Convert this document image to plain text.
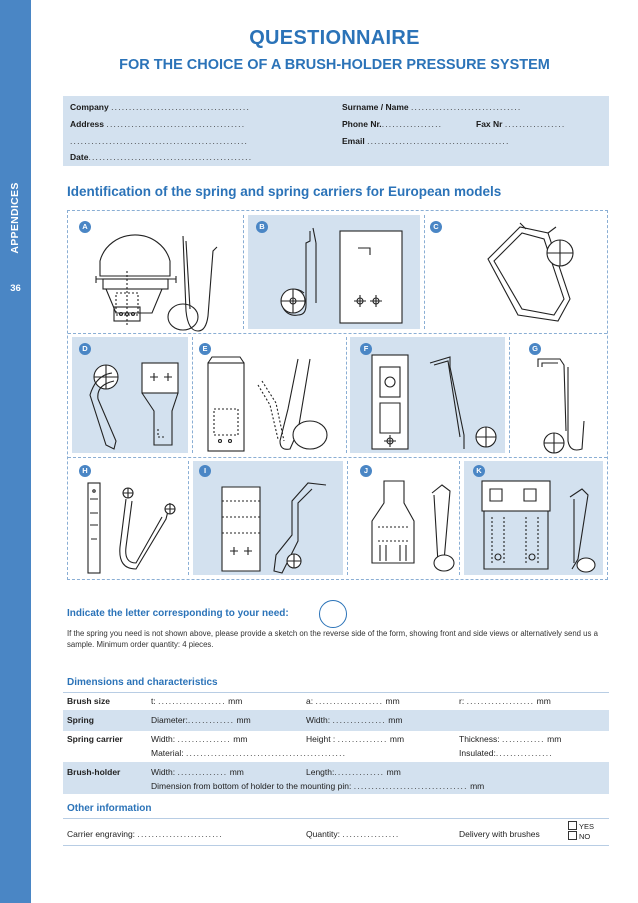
APPENDICES
36
QUESTIONNAIRE
FOR THE CHOICE OF A BRUSH-HOLDER PRESSURE SYSTEM
Company .......................................
Address .......................................
..................................................
Date..............................................
Surname / Name ...............................
Phone Nr..................	Fax Nr .................
Email ........................................
Identification of the spring and spring carriers for European models
A	B	C
D	E	F	G
H	I	J	K
Indicate the letter corresponding to your need:
If the spring you need is not shown above, please provide a sketch on the reverse side of the form, showing front and side views or alternatively send us a sample. Minimum order quantity: 4 pieces.
Dimensions and characteristics
Brush size	t: ................... mm	a: ................... mm	r: ................... mm
Spring	Diameter:............. mm	Width: ............... mm
Spring carrier	Width: ............... mm	Height : .............. mm	Thickness: ............ mm
Material: .............................................	Insulated:................
Brush-holder	Width: .............. mm	Length:.............. mm
Dimension from bottom of holder to the mounting pin: ................................ mm
Other information
Carrier engraving: ........................	Quantity: ................	Delivery with brushes
YES
NO
